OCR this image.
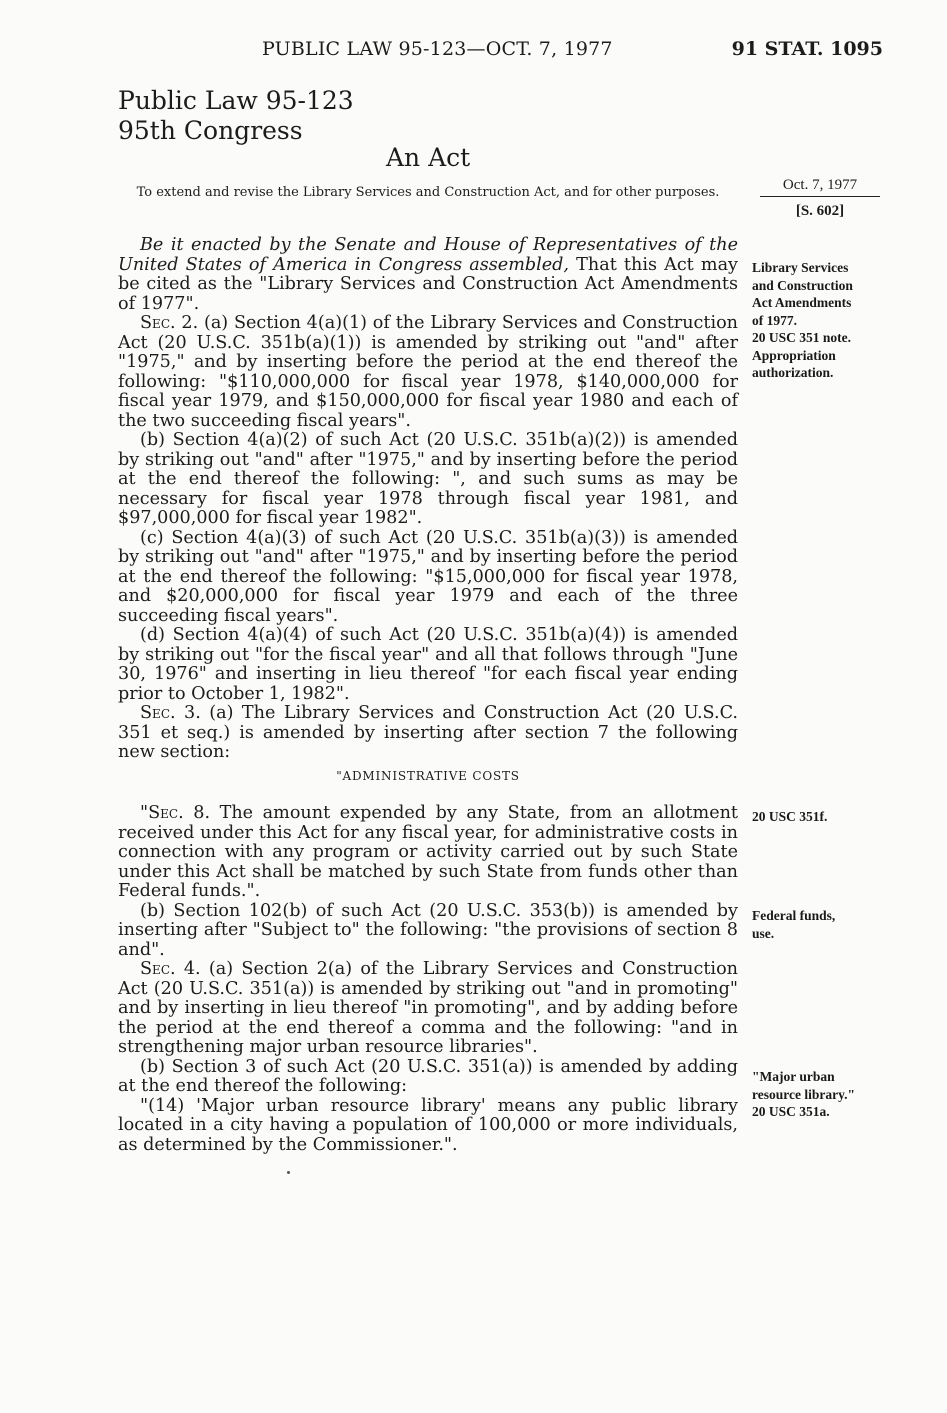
PUBLIC LAW 95-123—OCT. 7, 1977	91 STAT. 1095
Public Law 95-123
95th Congress
An Act
To extend and revise the Library Services and Construction Act, and for other purposes.	Oct. 7, 1977
[S. 602]
Library Services
and Construction
Act Amendments
of 1977.
20 USC 351 note.
Appropriation
authorization.
20 USC 351f.
Federal funds,
use.
"Major urban
resource library."
20 USC 351a.

Be it enacted by the Senate and House of Representatives of the United States of America in Congress assembled, That this Act may be cited as the "Library Services and Construction Act Amendments of 1977".

Sec. 2. (a) Section 4(a)(1) of the Library Services and Construction Act (20 U.S.C. 351b(a)(1)) is amended by striking out "and" after "1975," and by inserting before the period at the end thereof the following: "$110,000,000 for fiscal year 1978, $140,000,000 for fiscal year 1979, and $150,000,000 for fiscal year 1980 and each of the two succeeding fiscal years".

(b) Section 4(a)(2) of such Act (20 U.S.C. 351b(a)(2)) is amended by striking out "and" after "1975," and by inserting before the period at the end thereof the following: ", and such sums as may be necessary for fiscal year 1978 through fiscal year 1981, and $97,000,000 for fiscal year 1982".

(c) Section 4(a)(3) of such Act (20 U.S.C. 351b(a)(3)) is amended by striking out "and" after "1975," and by inserting before the period at the end thereof the following: "$15,000,000 for fiscal year 1978, and $20,000,000 for fiscal year 1979 and each of the three succeeding fiscal years".

(d) Section 4(a)(4) of such Act (20 U.S.C. 351b(a)(4)) is amended by striking out "for the fiscal year" and all that follows through "June 30, 1976" and inserting in lieu thereof "for each fiscal year ending prior to October 1, 1982".

Sec. 3. (a) The Library Services and Construction Act (20 U.S.C. 351 et seq.) is amended by inserting after section 7 the following new section:

"ADMINISTRATIVE COSTS

"Sec. 8. The amount expended by any State, from an allotment received under this Act for any fiscal year, for administrative costs in connection with any program or activity carried out by such State under this Act shall be matched by such State from funds other than Federal funds.".

(b) Section 102(b) of such Act (20 U.S.C. 353(b)) is amended by inserting after "Subject to" the following: "the provisions of section 8 and".

Sec. 4. (a) Section 2(a) of the Library Services and Construction Act (20 U.S.C. 351(a)) is amended by striking out "and in promoting" and by inserting in lieu thereof "in promoting", and by adding before the period at the end thereof a comma and the following: "and in strengthening major urban resource libraries".

(b) Section 3 of such Act (20 U.S.C. 351(a)) is amended by adding at the end thereof the following:

"(14) 'Major urban resource library' means any public library located in a city having a population of 100,000 or more individuals, as determined by the Commissioner.".
